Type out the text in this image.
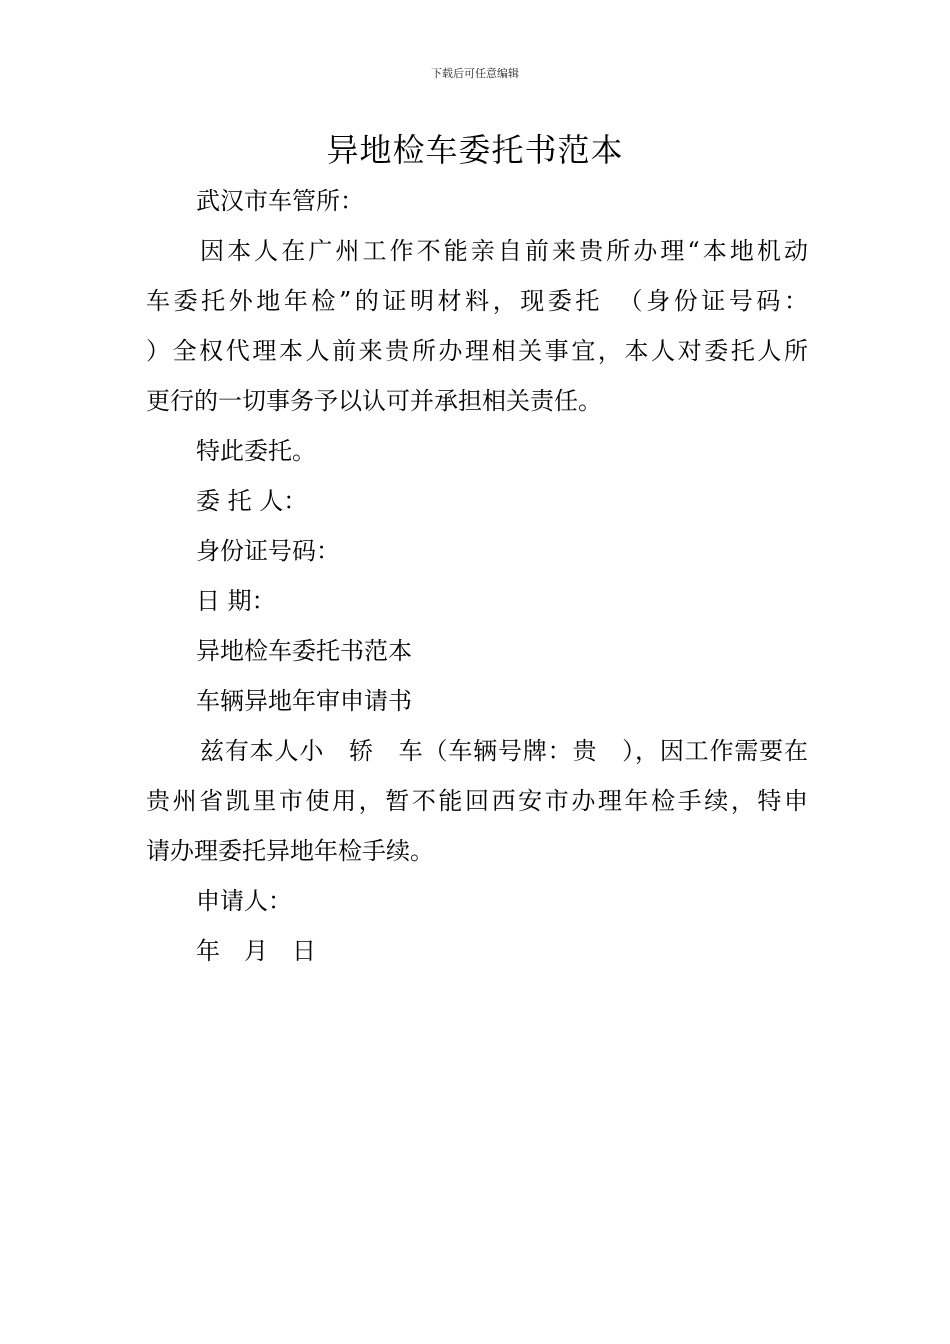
下载后可任意编辑
异地检车委托书范本
武汉市车管所：
因本人在广州工作不能亲自前来贵所办理“本地机动
车委托外地年检”的证明材料，现委托　（身份证号码：
）全权代理本人前来贵所办理相关事宜，本人对委托人所
更行的一切事务予以认可并承担相关责任。
特此委托。
委 托 人：
身份证号码：
日 期：
异地检车委托书范本
车辆异地年审申请书
兹有本人小　轿　车（车辆号牌：贵　），因工作需要在
贵州省凯里市使用，暂不能回西安市办理年检手续，特申
请办理委托异地年检手续。
申请人：
年　月　日
